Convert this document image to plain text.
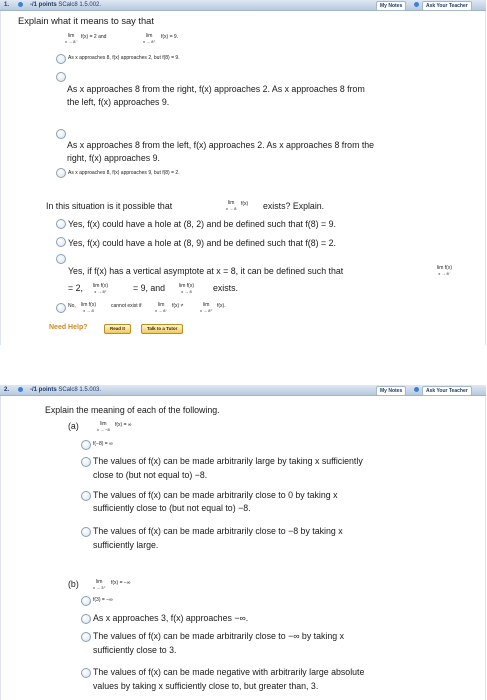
1.	-/1 points SCalc8 1.5.002.	My Notes	Ask Your Teacher
Explain what it means to say that
lim
x → 8⁻
f(x) = 2 and	lim
x → 8⁺
f(x) = 9.
As x approaches 8, f(x) approaches 2, but f(8) = 9.
As x approaches 8 from the right, f(x) approaches 2. As x approaches 8 from
the left, f(x) approaches 9.
As x approaches 8 from the left, f(x) approaches 2. As x approaches 8 from the
right, f(x) approaches 9.
As x approaches 8, f(x) approaches 9, but f(8) = 2.
In this situation is it possible that	lim
x → 8
f(x) exists? Explain.
Yes, f(x) could have a hole at (8, 2) and be defined such that f(8) = 9.
Yes, f(x) could have a hole at (8, 9) and be defined such that f(8) = 2.
Yes, if f(x) has a vertical asymptote at x = 8, it can be defined such that	lim f(x)
x → 8⁻
= 2, lim f(x)
x → 8⁺	= 9, and	lim f(x)
x → 8 exists.
No, lim f(x)
x → 8
cannot exist if	lim
x → 8⁻
f(x) ≠	lim
x → 8⁺
f(x).
Need Help?	Read It	Talk to a Tutor
2.	-/1 points SCalc8 1.5.003.	My Notes	Ask Your Teacher
Explain the meaning of each of the following.
(a)	lim
x → −8
f(x) = ∞
f(−8) = ∞
The values of f(x) can be made arbitrarily large by taking x sufficiently
close to (but not equal to) −8.
The values of f(x) can be made arbitrarily close to 0 by taking x
sufficiently close to (but not equal to) −8.
The values of f(x) can be made arbitrarily close to −8 by taking x
sufficiently large.
(b)	lim
x → 3⁺
f(x) = −∞
f(3) = −∞
As x approaches 3, f(x) approaches −∞.
The values of f(x) can be made arbitrarily close to −∞ by taking x
sufficiently close to 3.
The values of f(x) can be made negative with arbitrarily large absolute
values by taking x sufficiently close to, but greater than, 3.
